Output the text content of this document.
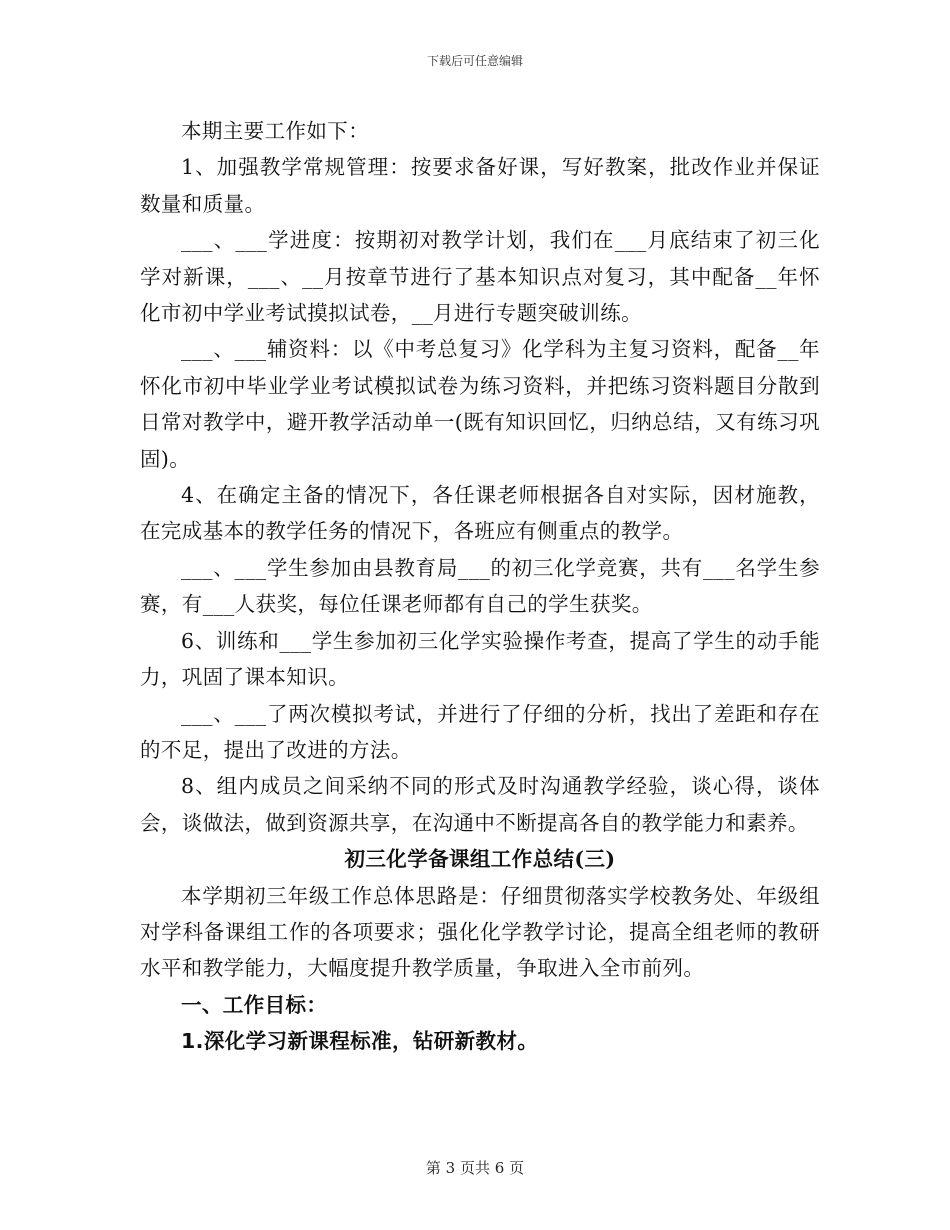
下载后可任意编辑

本期主要工作如下：

1、加强教学常规管理：按要求备好课，写好教案，批改作业并保证数量和质量。

___、___学进度：按期初对教学计划，我们在___月底结束了初三化学对新课，___、__月按章节进行了基本知识点对复习，其中配备__年怀化市初中学业考试摸拟试卷，__月进行专题突破训练。

___、___辅资料：以《中考总复习》化学科为主复习资料，配备__年怀化市初中毕业学业考试模拟试卷为练习资料，并把练习资料题目分散到日常对教学中，避开教学活动单一(既有知识回忆，归纳总结，又有练习巩固)。

4、在确定主备的情况下，各任课老师根据各自对实际，因材施教，在完成基本的教学任务的情况下，各班应有侧重点的教学。

___、___学生参加由县教育局___的初三化学竞赛，共有___名学生参赛，有___人获奖，每位任课老师都有自己的学生获奖。

6、训练和___学生参加初三化学实验操作考查，提高了学生的动手能力，巩固了课本知识。

___、___了两次模拟考试，并进行了仔细的分析，找出了差距和存在的不足，提出了改进的方法。

8、组内成员之间采纳不同的形式及时沟通教学经验，谈心得，谈体会，谈做法，做到资源共享，在沟通中不断提高各自的教学能力和素养。

初三化学备课组工作总结(三)

本学期初三年级工作总体思路是：仔细贯彻落实学校教务处、年级组对学科备课组工作的各项要求；强化化学教学讨论，提高全组老师的教研水平和教学能力，大幅度提升教学质量，争取进入全市前列。

一、工作目标：

1.深化学习新课程标准，钻研新教材。

第 3 页共 6 页
